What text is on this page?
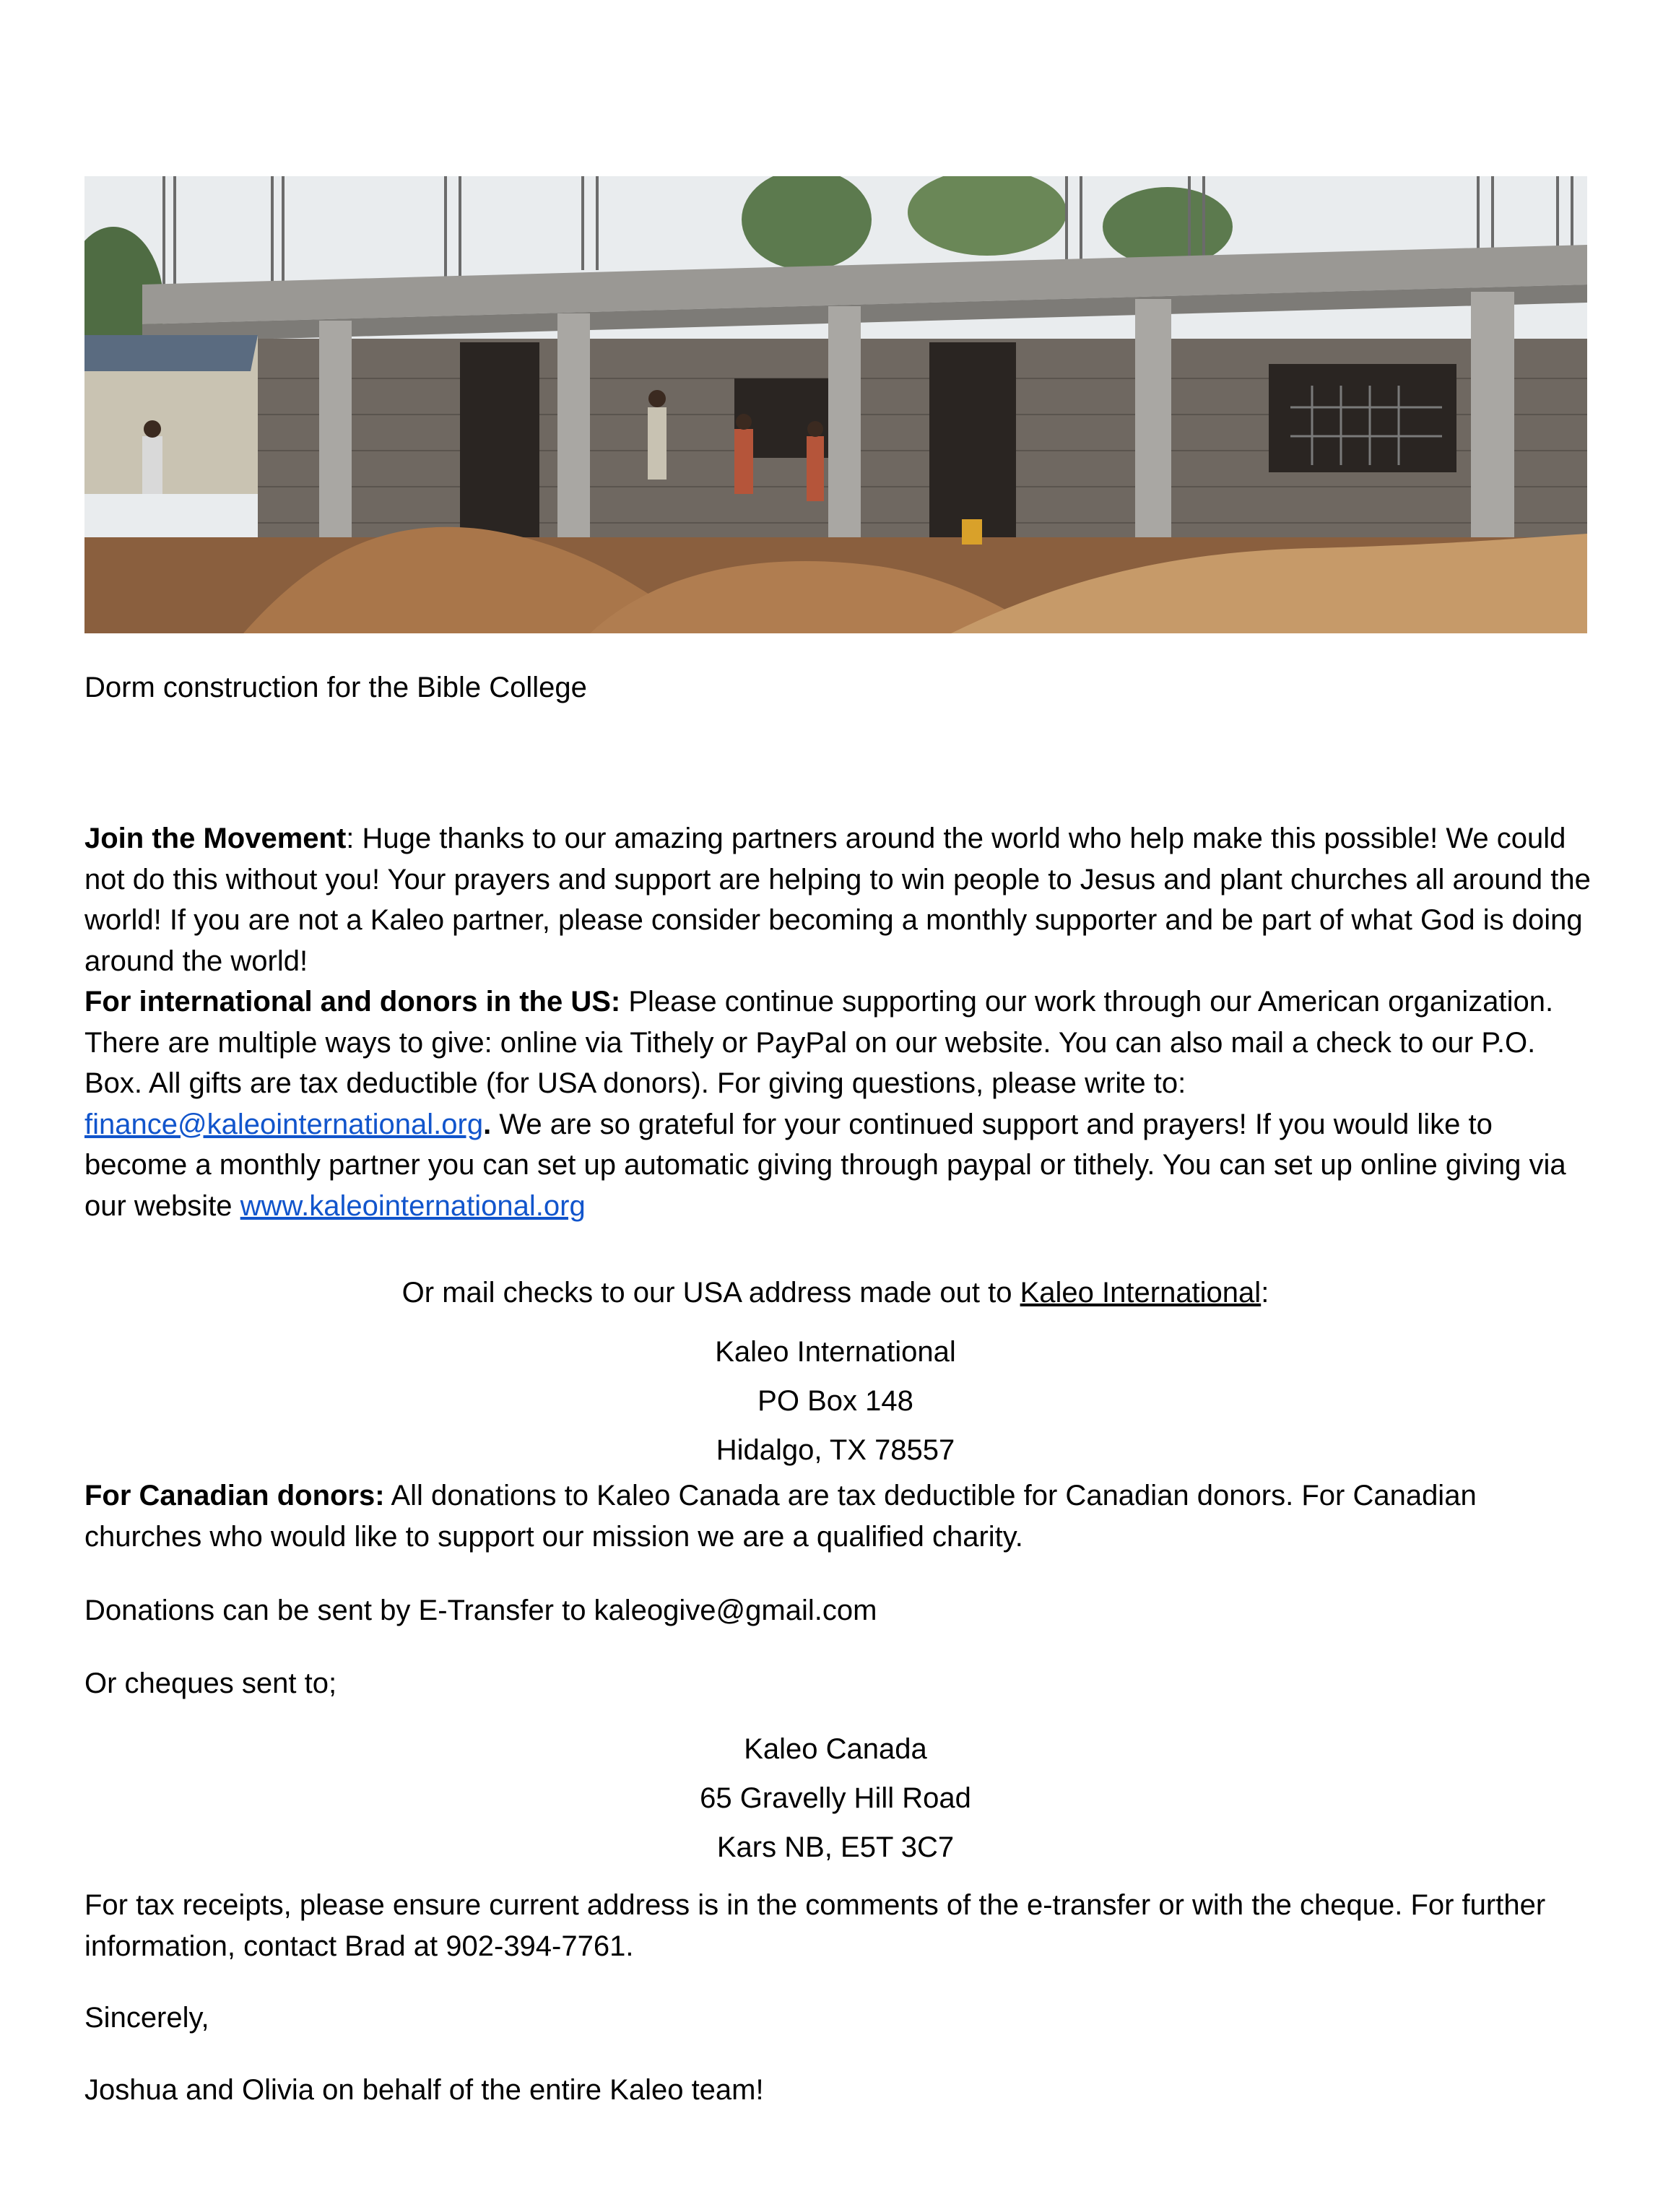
Dorm construction for the Bible College
Join the Movement: Huge thanks to our amazing partners around the world who help make this possible! We could not do this without you! Your prayers and support are helping to win people to Jesus and plant churches all around the world! If you are not a Kaleo partner, please consider becoming a monthly supporter and be part of what God is doing around the world!
For international and donors in the US: Please continue supporting our work through our American organization. There are multiple ways to give: online via Tithely or PayPal on our website. You can also mail a check to our P.O. Box. All gifts are tax deductible (for USA donors). For giving questions, please write to: finance@kaleointernational.org. We are so grateful for your continued support and prayers! If you would like to become a monthly partner you can set up automatic giving through paypal or tithely. You can set up online giving via our website www.kaleointernational.org
Or mail checks to our USA address made out to Kaleo International:
Kaleo International
PO Box 148
Hidalgo, TX 78557
For Canadian donors: All donations to Kaleo Canada are tax deductible for Canadian donors. For Canadian churches who would like to support our mission we are a qualified charity.
Donations can be sent by E-Transfer to kaleogive@gmail.com
Or cheques sent to;
Kaleo Canada
65 Gravelly Hill Road
Kars NB, E5T 3C7
For tax receipts, please ensure current address is in the comments of the e-transfer or with the cheque. For further information, contact Brad at 902-394-7761.
Sincerely,
Joshua and Olivia on behalf of the entire Kaleo team!
